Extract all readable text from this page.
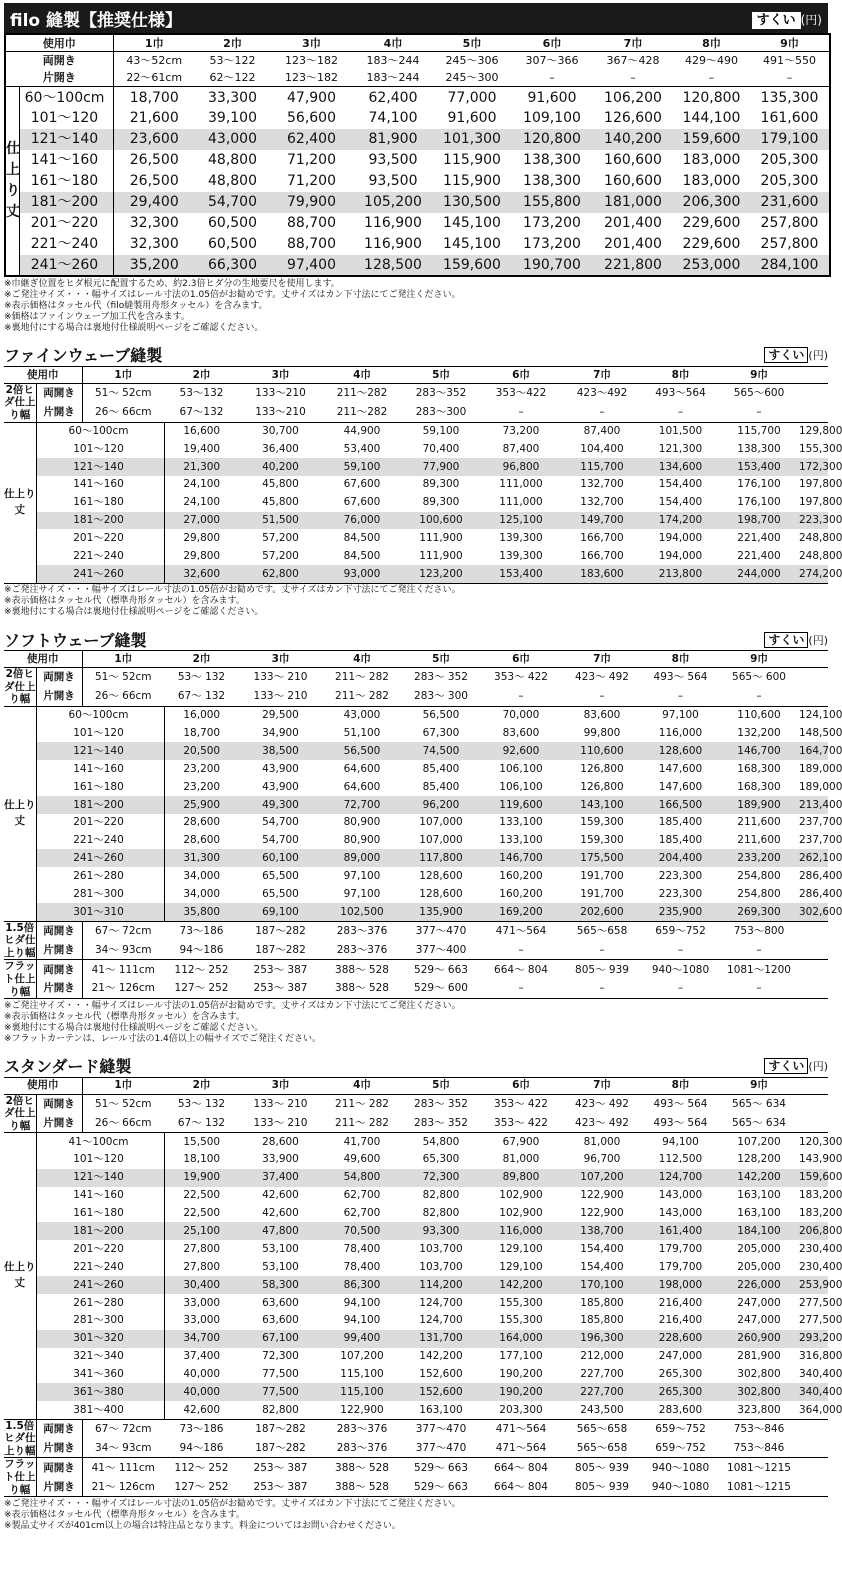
filo 縫製【推奨仕様】	すくい (円)
使用巾		1巾	2巾	3巾	4巾	5巾	6巾	7巾	8巾	9巾
両開き		43〜52cm	53〜122	123〜182	183〜244	245〜306	307〜366	367〜428	429〜490	491〜550
片開き		22〜61cm	62〜122	123〜182	183〜244	245〜300	–	–	–	–
仕上り丈	60〜100cm	18,700	33,300	47,900	62,400	77,000	91,600	106,200	120,800	135,300
	101〜120	21,600	39,100	56,600	74,100	91,600	109,100	126,600	144,100	161,600
	121〜140	23,600	43,000	62,400	81,900	101,300	120,800	140,200	159,600	179,100
	141〜160	26,500	48,800	71,200	93,500	115,900	138,300	160,600	183,000	205,300
	161〜180	26,500	48,800	71,200	93,500	115,900	138,300	160,600	183,000	205,300
	181〜200	29,400	54,700	79,900	105,200	130,500	155,800	181,000	206,300	231,600
	201〜220	32,300	60,500	88,700	116,900	145,100	173,200	201,400	229,600	257,800
	221〜240	32,300	60,500	88,700	116,900	145,100	173,200	201,400	229,600	257,800
	241〜260	35,200	66,300	97,400	128,500	159,600	190,700	221,800	253,000	284,100
※巾継ぎ位置をヒダ根元に配置するため、約2.3倍ヒダ分の生地要尺を使用します。
※ご発注サイズ・・・幅サイズはレール寸法の1.05倍がお勧めです。丈サイズはカン下寸法にてご発注ください。
※表示価格はタッセル代（filo縫製用舟形タッセル）を含みます。
※価格はファインウェーブ加工代を含みます。
※裏地付にする場合は裏地付仕様説明ページをご確認ください。
ファインウェーブ縫製	すくい (円)
使用巾		1巾	2巾	3巾	4巾	5巾	6巾	7巾	8巾	9巾	
2倍ヒダ仕上り幅	両開き	51〜 52cm	53〜132	133〜210	211〜282	283〜352	353〜422	423〜492	493〜564	565〜600	
	片開き	26〜 66cm	67〜132	133〜210	211〜282	283〜300	–	–	–	–	
仕上り丈	60〜100cm		16,600	30,700	44,900	59,100	73,200	87,400	101,500	115,700	129,800
	101〜120		19,400	36,400	53,400	70,400	87,400	104,400	121,300	138,300	155,300
	121〜140		21,300	40,200	59,100	77,900	96,800	115,700	134,600	153,400	172,300
	141〜160		24,100	45,800	67,600	89,300	111,000	132,700	154,400	176,100	197,800
	161〜180		24,100	45,800	67,600	89,300	111,000	132,700	154,400	176,100	197,800
	181〜200		27,000	51,500	76,000	100,600	125,100	149,700	174,200	198,700	223,300
	201〜220		29,800	57,200	84,500	111,900	139,300	166,700	194,000	221,400	248,800
	221〜240		29,800	57,200	84,500	111,900	139,300	166,700	194,000	221,400	248,800
	241〜260		32,600	62,800	93,000	123,200	153,400	183,600	213,800	244,000	274,200

※ご発注サイズ・・・幅サイズはレール寸法の1.05倍がお勧めです。丈サイズはカン下寸法にてご発注ください。
※表示価格はタッセル代（標準舟形タッセル）を含みます。
※裏地付にする場合は裏地付仕様説明ページをご確認ください。
ソフトウェーブ縫製	すくい (円)
使用巾		1巾	2巾	3巾	4巾	5巾	6巾	7巾	8巾	9巾	
2倍ヒダ仕上り幅	両開き	51〜 52cm	53〜 132	133〜 210	211〜 282	283〜 352	353〜 422	423〜 492	493〜 564	565〜 600	
	片開き	26〜 66cm	67〜 132	133〜 210	211〜 282	283〜 300	–	–	–	–	
仕上り丈	60〜100cm		16,000	29,500	43,000	56,500	70,000	83,600	97,100	110,600	124,100
	101〜120		18,700	34,900	51,100	67,300	83,600	99,800	116,000	132,200	148,500
	121〜140		20,500	38,500	56,500	74,500	92,600	110,600	128,600	146,700	164,700
	141〜160		23,200	43,900	64,600	85,400	106,100	126,800	147,600	168,300	189,000
	161〜180		23,200	43,900	64,600	85,400	106,100	126,800	147,600	168,300	189,000
	181〜200		25,900	49,300	72,700	96,200	119,600	143,100	166,500	189,900	213,400
	201〜220		28,600	54,700	80,900	107,000	133,100	159,300	185,400	211,600	237,700
	221〜240		28,600	54,700	80,900	107,000	133,100	159,300	185,400	211,600	237,700
	241〜260		31,300	60,100	89,000	117,800	146,700	175,500	204,400	233,200	262,100
	261〜280		34,000	65,500	97,100	128,600	160,200	191,700	223,300	254,800	286,400
	281〜300		34,000	65,500	97,100	128,600	160,200	191,700	223,300	254,800	286,400
	301〜310		35,800	69,100	102,500	135,900	169,200	202,600	235,900	269,300	302,600
1.5倍ヒダ仕上り幅	両開き	67〜 72cm	73〜186	187〜282	283〜376	377〜470	471〜564	565〜658	659〜752	753〜800	
	片開き	34〜 93cm	94〜186	187〜282	283〜376	377〜400	–	–	–	–	
フラット仕上り幅	両開き	41〜 111cm	112〜 252	253〜 387	388〜 528	529〜 663	664〜 804	805〜 939	940〜1080	1081〜1200	
	片開き	21〜 126cm	127〜 252	253〜 387	388〜 528	529〜 600	–	–	–	–	

※ご発注サイズ・・・幅サイズはレール寸法の1.05倍がお勧めです。丈サイズはカン下寸法にてご発注ください。
※表示価格はタッセル代（標準舟形タッセル）を含みます。
※裏地付にする場合は裏地付仕様説明ページをご確認ください。
※フラットカーテンは、レール寸法の1.4倍以上の幅サイズでご発注ください。
スタンダード縫製	すくい (円)
使用巾		1巾	2巾	3巾	4巾	5巾	6巾	7巾	8巾	9巾	
2倍ヒダ仕上り幅	両開き	51〜 52cm	53〜 132	133〜 210	211〜 282	283〜 352	353〜 422	423〜 492	493〜 564	565〜 634	
	片開き	26〜 66cm	67〜 132	133〜 210	211〜 282	283〜 352	353〜 422	423〜 492	493〜 564	565〜 634	
仕上り丈	41〜100cm		15,500	28,600	41,700	54,800	67,900	81,000	94,100	107,200	120,300
	101〜120		18,100	33,900	49,600	65,300	81,000	96,700	112,500	128,200	143,900
	121〜140		19,900	37,400	54,800	72,300	89,800	107,200	124,700	142,200	159,600
	141〜160		22,500	42,600	62,700	82,800	102,900	122,900	143,000	163,100	183,200
	161〜180		22,500	42,600	62,700	82,800	102,900	122,900	143,000	163,100	183,200
	181〜200		25,100	47,800	70,500	93,300	116,000	138,700	161,400	184,100	206,800
	201〜220		27,800	53,100	78,400	103,700	129,100	154,400	179,700	205,000	230,400
	221〜240		27,800	53,100	78,400	103,700	129,100	154,400	179,700	205,000	230,400
	241〜260		30,400	58,300	86,300	114,200	142,200	170,100	198,000	226,000	253,900
	261〜280		33,000	63,600	94,100	124,700	155,300	185,800	216,400	247,000	277,500
	281〜300		33,000	63,600	94,100	124,700	155,300	185,800	216,400	247,000	277,500
	301〜320		34,700	67,100	99,400	131,700	164,000	196,300	228,600	260,900	293,200
	321〜340		37,400	72,300	107,200	142,200	177,100	212,000	247,000	281,900	316,800
	341〜360		40,000	77,500	115,100	152,600	190,200	227,700	265,300	302,800	340,400
	361〜380		40,000	77,500	115,100	152,600	190,200	227,700	265,300	302,800	340,400
	381〜400		42,600	82,800	122,900	163,100	203,300	243,500	283,600	323,800	364,000
1.5倍ヒダ仕上り幅	両開き	67〜 72cm	73〜186	187〜282	283〜376	377〜470	471〜564	565〜658	659〜752	753〜846	
	片開き	34〜 93cm	94〜186	187〜282	283〜376	377〜470	471〜564	565〜658	659〜752	753〜846	
フラット仕上り幅	両開き	41〜 111cm	112〜 252	253〜 387	388〜 528	529〜 663	664〜 804	805〜 939	940〜1080	1081〜1215	
	片開き	21〜 126cm	127〜 252	253〜 387	388〜 528	529〜 663	664〜 804	805〜 939	940〜1080	1081〜1215	

※ご発注サイズ・・・幅サイズはレール寸法の1.05倍がお勧めです。丈サイズはカン下寸法にてご発注ください。
※表示価格はタッセル代（標準舟形タッセル）を含みます。
※製品丈サイズが401cm以上の場合は特注品となります。料金についてはお問い合わせください。
